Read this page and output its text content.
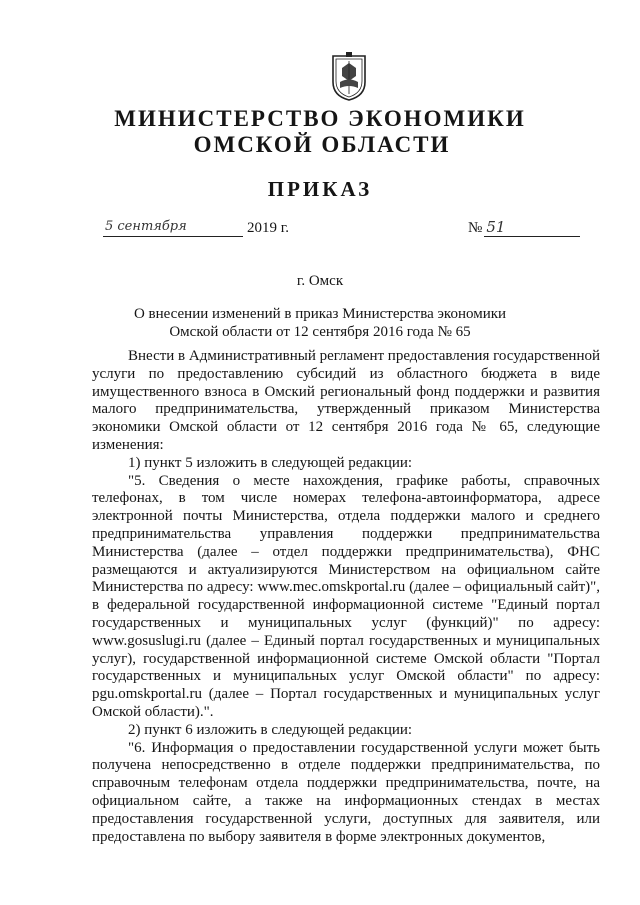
МИНИСТЕРСТВО ЭКОНОМИКИ
ОМСКОЙ ОБЛАСТИ
ПРИКАЗ
5 сентября	2019 г.	№ 51

г. Омск

О внесении изменений в приказ Министерства экономики
Омской области от 12 сентября 2016 года № 65

Внести в Административный регламент предоставления государственной услуги по предоставлению субсидий из областного бюджета в виде имущественного взноса в Омский региональный фонд поддержки и развития малого предпринимательства, утвержденный приказом Министерства экономики Омской области от 12 сентября 2016 года № 65, следующие изменения:

1) пункт 5 изложить в следующей редакции:

"5. Сведения о месте нахождения, графике работы, справочных телефонах, в том числе номерах телефона-автоинформатора, адресе электронной почты Министерства, отдела поддержки малого и среднего предпринимательства управления поддержки предпринимательства Министерства (далее – отдел поддержки предпринимательства), ФНС размещаются и актуализируются Министерством на официальном сайте Министерства по адресу: www.mec.omskportal.ru (далее – официальный сайт)", в федеральной государственной информационной системе "Единый портал государственных и муниципальных услуг (функций)" по адресу: www.gosuslugi.ru (далее – Единый портал государственных и муниципальных услуг), государственной информационной системе Омской области "Портал государственных и муниципальных услуг Омской области" по адресу: pgu.omskportal.ru (далее – Портал государственных и муниципальных услуг Омской области).".

2) пункт 6 изложить в следующей редакции:

"6. Информация о предоставлении государственной услуги может быть получена непосредственно в отделе поддержки предпринимательства, по справочным телефонам отдела поддержки предпринимательства, почте, на официальном сайте, а также на информационных стендах в местах предоставления государственной услуги, доступных для заявителя, или предоставлена по выбору заявителя в форме электронных документов,
